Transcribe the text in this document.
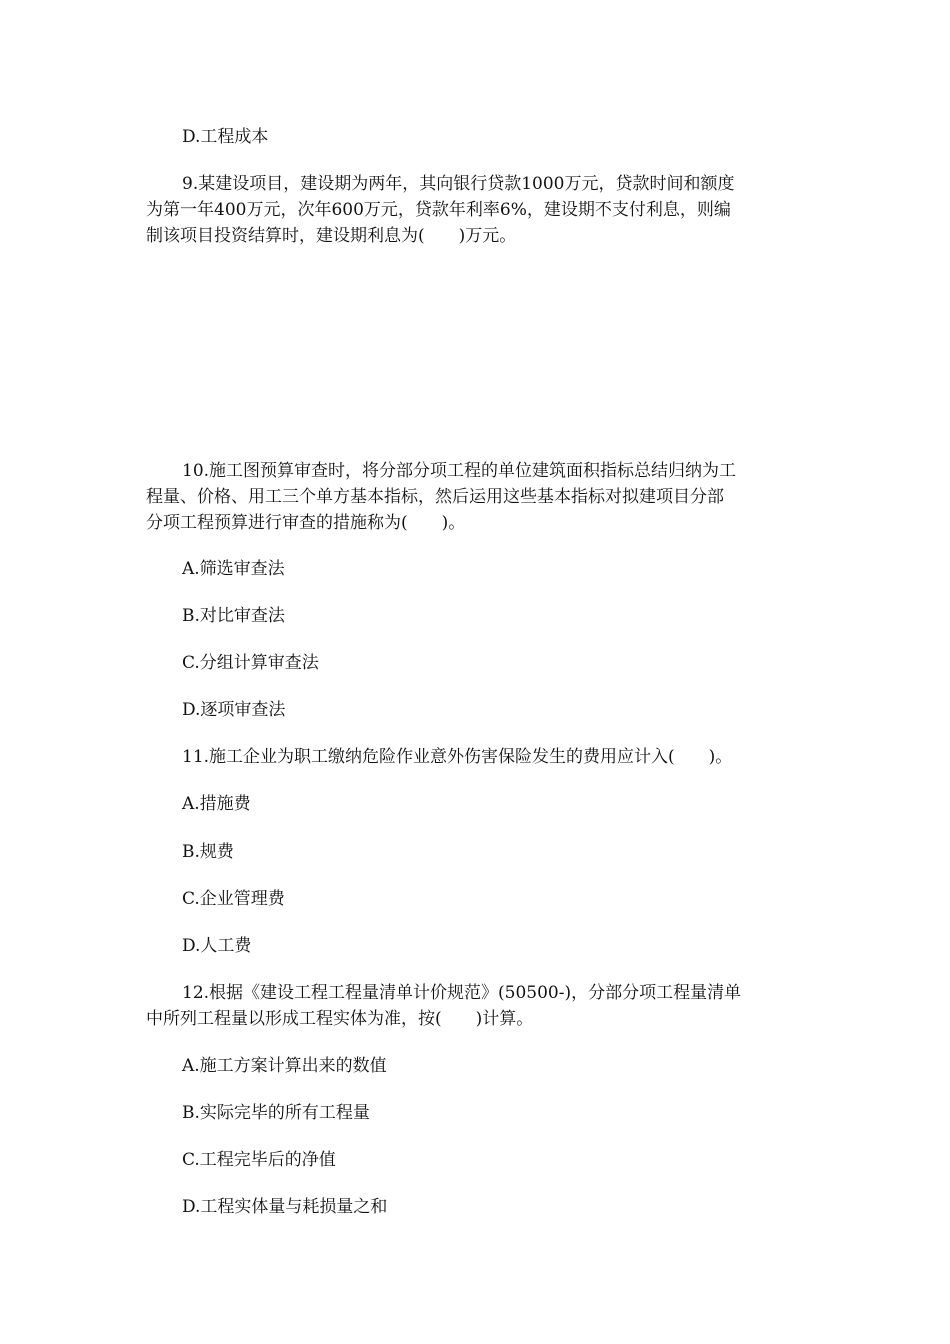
D.工程成本
9.某建设项目，建设期为两年，其向银行贷款1000万元，贷款时间和额度
为第一年400万元，次年600万元，贷款年利率6%，建设期不支付利息，则编
制该项目投资结算时，建设期利息为(　　)万元。
10.施工图预算审查时，将分部分项工程的单位建筑面积指标总结归纳为工
程量、价格、用工三个单方基本指标，然后运用这些基本指标对拟建项目分部
分项工程预算进行审查的措施称为(　　)。
A.筛选审查法
B.对比审查法
C.分组计算审查法
D.逐项审查法
11.施工企业为职工缴纳危险作业意外伤害保险发生的费用应计入(　　)。
A.措施费
B.规费
C.企业管理费
D.人工费
12.根据《建设工程工程量清单计价规范》(50500-)，分部分项工程量清单
中所列工程量以形成工程实体为准，按(　　)计算。
A.施工方案计算出来的数值
B.实际完毕的所有工程量
C.工程完毕后的净值
D.工程实体量与耗损量之和
